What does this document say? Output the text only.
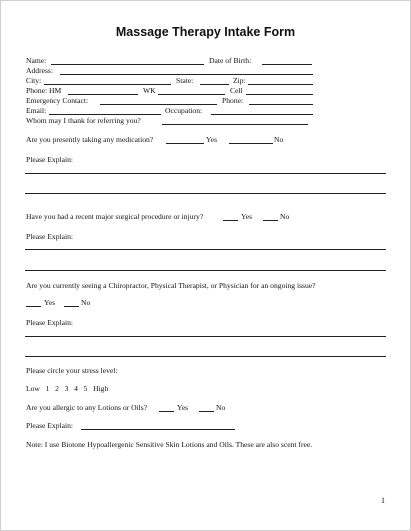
Massage Therapy Intake Form
Name:	Date of Birth:
Address:
City:	State:	Zip:
Phone: HM	WK	Cell
Emergency Contact:	Phone:
Email:	Occupation:
Whom may I thank for referring you?
Are you presently taking any medication?	Yes	No
Please Explain:
Have you had a recent major surgical procedure or injury?	Yes	No
Please Explain:
Are you currently seeing a Chiropractor, Physical Therapist, or Physician for an ongoing issue?
Yes	No
Please Explain:
Please circle your stress level:
Low   1   2   3   4   5   High
Are you allergic to any Lotions or Oils?	Yes	No
Please Explain:
Note: I use Biotone Hypoallergenic Sensitive Skin Lotions and Oils. These are also scent free.
1
